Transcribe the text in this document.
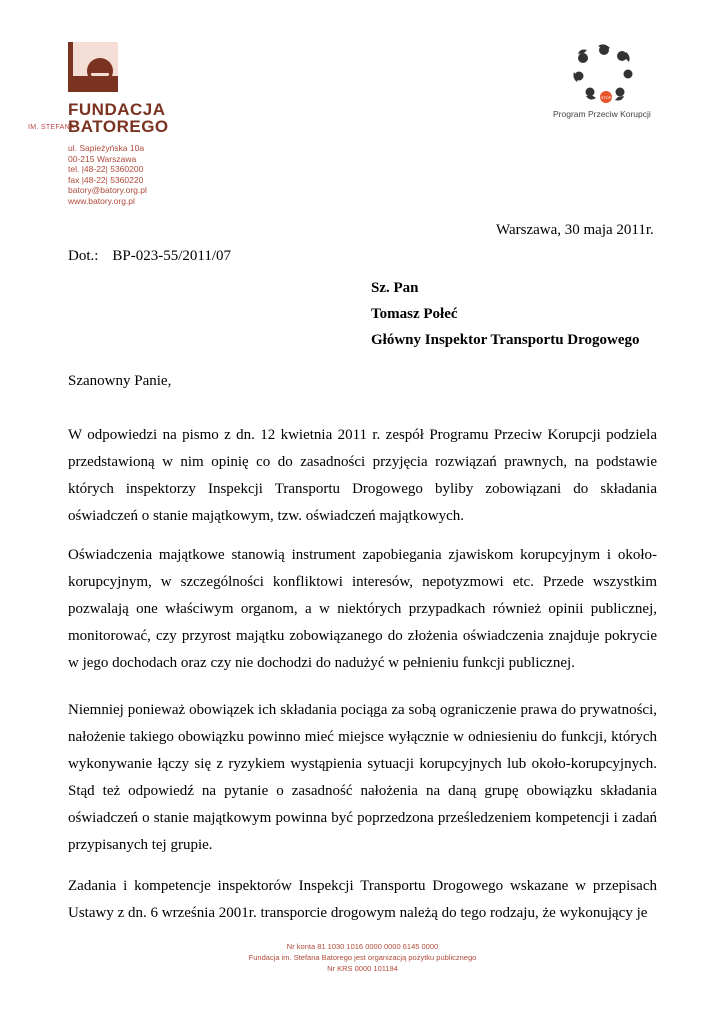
IM. STEFANA
FUNDACJA
BATOREGO
ul. Sapieżyńska 10a
00-215 Warszawa
tel. |48-22| 5360200
fax |48-22| 5360220
batory@batory.org.pl
www.batory.org.pl
STOP
Program Przeciw Korupcji
Warszawa, 30 maja 2011r.
Dot.: BP-023-55/2011/07
Sz. Pan
Tomasz Połeć
Główny Inspektor Transportu Drogowego
Szanowny Panie,
W odpowiedzi na pismo z dn. 12 kwietnia 2011 r. zespół Programu Przeciw Korupcji podziela przedstawioną w nim opinię co do zasadności przyjęcia rozwiązań prawnych, na podstawie których inspektorzy Inspekcji Transportu Drogowego byliby zobowiązani do składania oświadczeń o stanie majątkowym, tzw. oświadczeń majątkowych.
Oświadczenia majątkowe stanowią instrument zapobiegania zjawiskom korupcyjnym i około-korupcyjnym, w szczególności konfliktowi interesów, nepotyzmowi etc. Przede wszystkim pozwalają one właściwym organom, a w niektórych przypadkach również opinii publicznej, monitorować, czy przyrost majątku zobowiązanego do złożenia oświadczenia znajduje pokrycie w jego dochodach oraz czy nie dochodzi do nadużyć w pełnieniu funkcji publicznej.
Niemniej ponieważ obowiązek ich składania pociąga za sobą ograniczenie prawa do prywatności, nałożenie takiego obowiązku powinno mieć miejsce wyłącznie w odniesieniu do funkcji, których wykonywanie łączy się z ryzykiem wystąpienia sytuacji korupcyjnych lub około-korupcyjnych. Stąd też odpowiedź na pytanie o zasadność nałożenia na daną grupę obowiązku składania oświadczeń o stanie majątkowym powinna być poprzedzona prześledzeniem kompetencji i zadań przypisanych tej grupie.
Zadania i kompetencje inspektorów Inspekcji Transportu Drogowego wskazane w przepisach Ustawy z dn. 6 września 2001r. transporcie drogowym należą do tego rodzaju, że wykonujący je
Nr konta 81 1030 1016 0000 0000 6145 0000
Fundacja im. Stefana Batorego jest organizacją pożytku publicznego
Nr KRS 0000 101194
